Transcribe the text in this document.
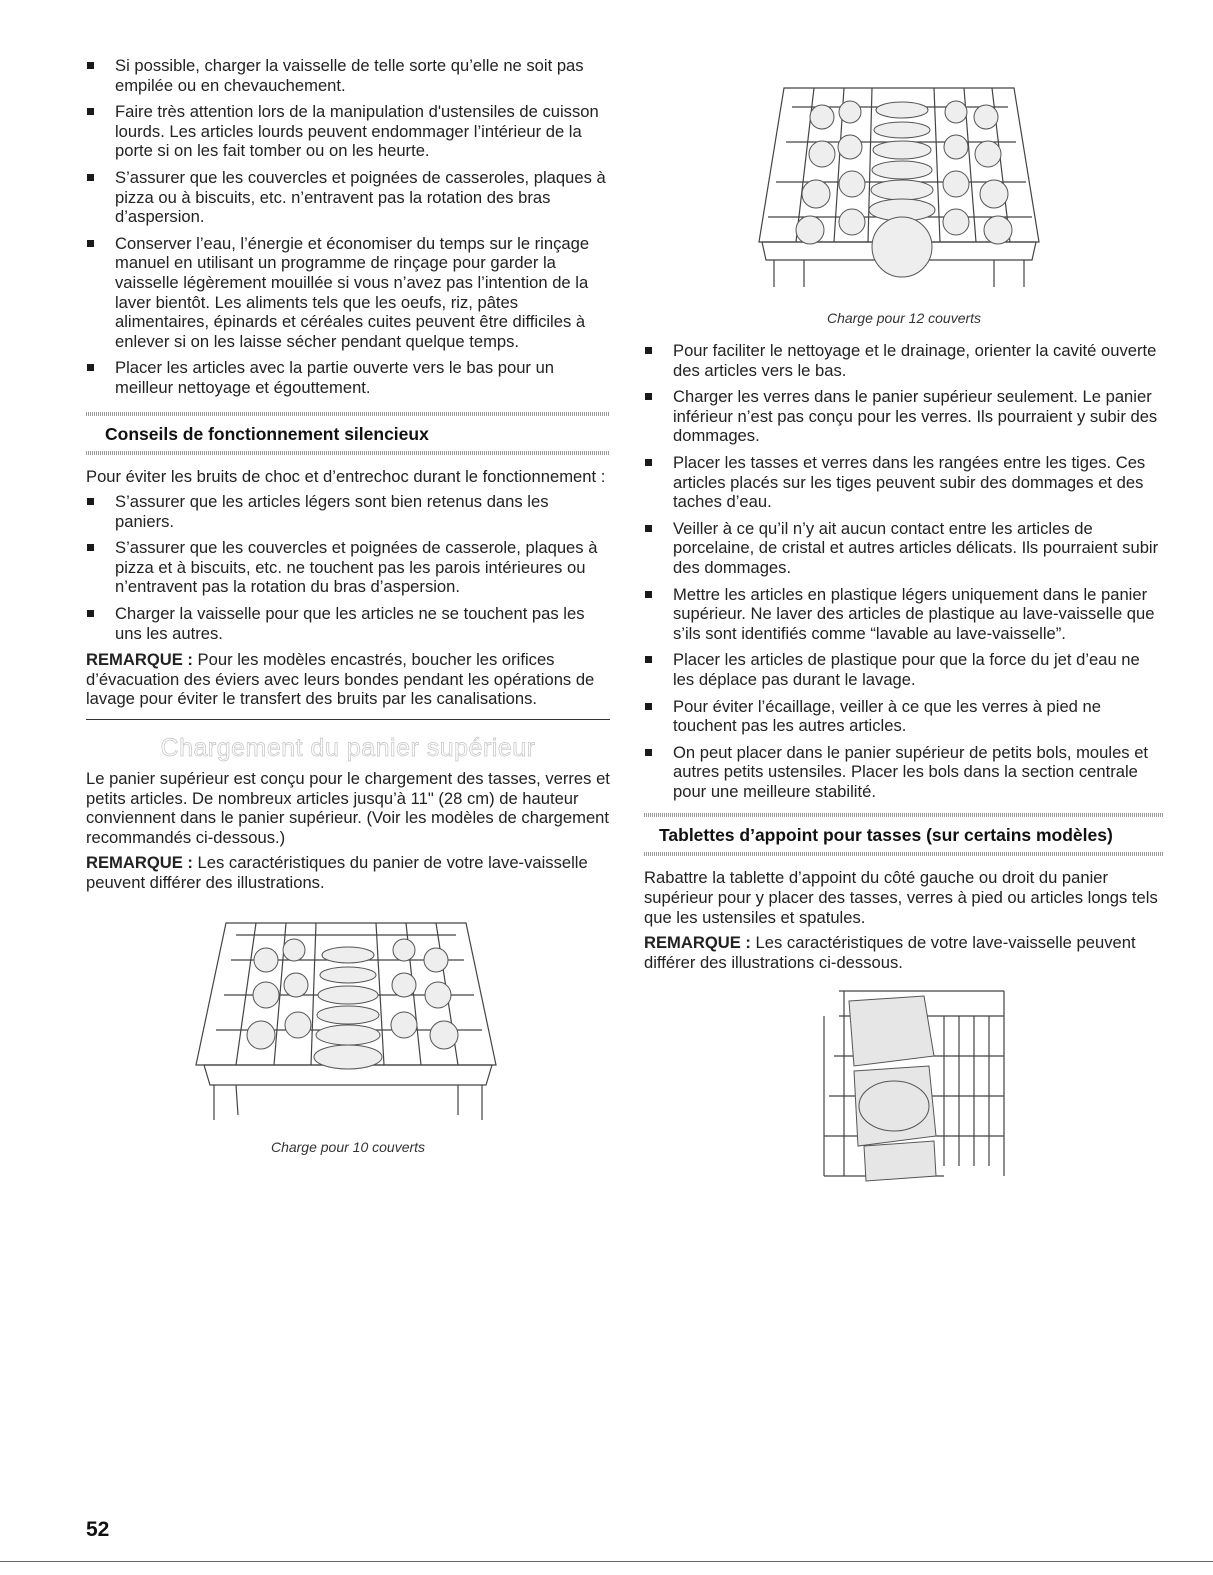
Si possible, charger la vaisselle de telle sorte qu’elle ne soit pas empilée ou en chevauchement.
Faire très attention lors de la manipulation d'ustensiles de cuisson lourds. Les articles lourds peuvent endommager l’intérieur de la porte si on les fait tomber ou on les heurte.
S’assurer que les couvercles et poignées de casseroles, plaques à pizza ou à biscuits, etc. n’entravent pas la rotation des bras d’aspersion.
Conserver l’eau, l’énergie et économiser du temps sur le rinçage manuel en utilisant un programme de rinçage pour garder la vaisselle légèrement mouillée si vous n’avez pas l’intention de la laver bientôt. Les aliments tels que les oeufs, riz, pâtes alimentaires, épinards et céréales cuites peuvent être difficiles à enlever si on les laisse sécher pendant quelque temps.
Placer les articles avec la partie ouverte vers le bas pour un meilleur nettoyage et égouttement.
Conseils de fonctionnement silencieux

Pour éviter les bruits de choc et d’entrechoc durant le fonctionnement :

S’assurer que les articles légers sont bien retenus dans les paniers.
S’assurer que les couvercles et poignées de casserole, plaques à pizza et à biscuits, etc. ne touchent pas les parois intérieures ou n’entravent pas la rotation du bras d’aspersion.
Charger la vaisselle pour que les articles ne se touchent pas les uns les autres.

REMARQUE : Pour les modèles encastrés, boucher les orifices d’évacuation des éviers avec leurs bondes pendant les opérations de lavage pour éviter le transfert des bruits par les canalisations.

Chargement du panier supérieur

Le panier supérieur est conçu pour le chargement des tasses, verres et petits articles. De nombreux articles jusqu’à 11" (28 cm) de hauteur conviennent dans le panier supérieur. (Voir les modèles de chargement recommandés ci-dessous.)

REMARQUE : Les caractéristiques du panier de votre lave-vaisselle peuvent différer des illustrations.

Charge pour 10 couverts
Charge pour 12 couverts
Pour faciliter le nettoyage et le drainage, orienter la cavité ouverte des articles vers le bas.
Charger les verres dans le panier supérieur seulement. Le panier inférieur n’est pas conçu pour les verres. Ils pourraient y subir des dommages.
Placer les tasses et verres dans les rangées entre les tiges. Ces articles placés sur les tiges peuvent subir des dommages et des taches d’eau.
Veiller à ce qu’il n’y ait aucun contact entre les articles de porcelaine, de cristal et autres articles délicats. Ils pourraient subir des dommages.
Mettre les articles en plastique légers uniquement dans le panier supérieur. Ne laver des articles de plastique au lave-vaisselle que s’ils sont identifiés comme “lavable au lave-vaisselle”.
Placer les articles de plastique pour que la force du jet d’eau ne les déplace pas durant le lavage.
Pour éviter l’écaillage, veiller à ce que les verres à pied ne touchent pas les autres articles.
On peut placer dans le panier supérieur de petits bols, moules et autres petits ustensiles. Placer les bols dans la section centrale pour une meilleure stabilité.
Tablettes d’appoint pour tasses (sur certains modèles)

Rabattre la tablette d’appoint du côté gauche ou droit du panier supérieur pour y placer des tasses, verres à pied ou articles longs tels que les ustensiles et spatules.

REMARQUE : Les caractéristiques de votre lave-vaisselle peuvent différer des illustrations ci-dessous.

52
